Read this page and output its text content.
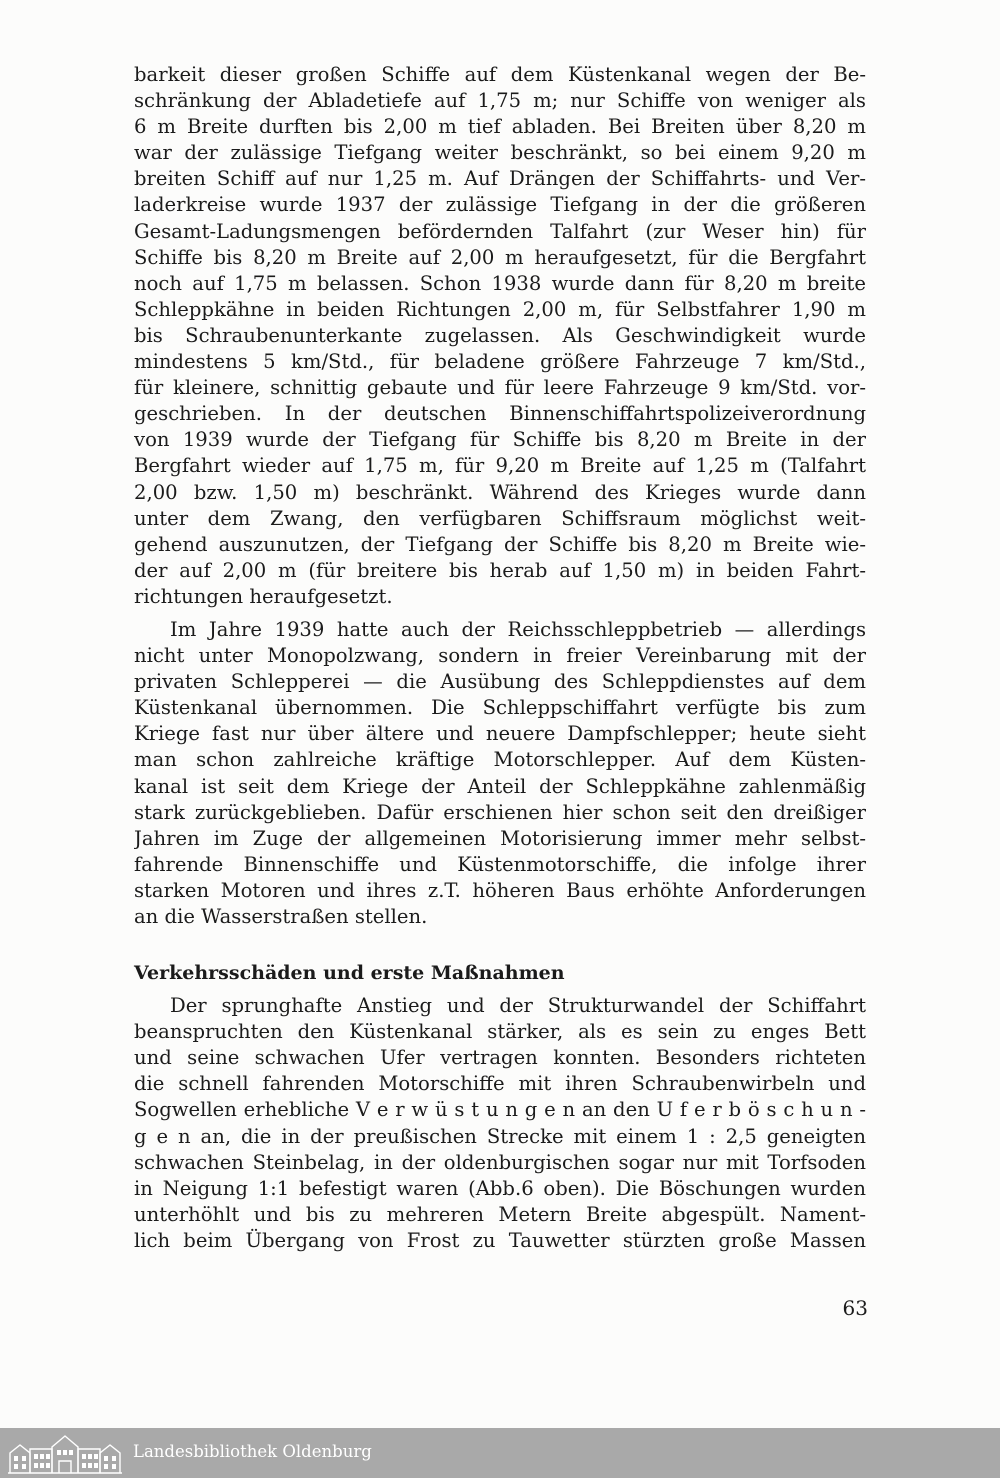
barkeit dieser großen Schiffe auf dem Küstenkanal wegen der Be-
schränkung der Abladetiefe auf 1,75 m; nur Schiffe von weniger als
6 m Breite durften bis 2,00 m tief abladen. Bei Breiten über 8,20 m
war der zulässige Tiefgang weiter beschränkt, so bei einem 9,20 m
breiten Schiff auf nur 1,25 m. Auf Drängen der Schiffahrts- und Ver-
laderkreise wurde 1937 der zulässige Tiefgang in der die größeren
Gesamt-Ladungsmengen befördernden Talfahrt (zur Weser hin) für
Schiffe bis 8,20 m Breite auf 2,00 m heraufgesetzt, für die Bergfahrt
noch auf 1,75 m belassen. Schon 1938 wurde dann für 8,20 m breite
Schleppkähne in beiden Richtungen 2,00 m, für Selbstfahrer 1,90 m
bis Schraubenunterkante zugelassen. Als Geschwindigkeit wurde
mindestens 5 km/Std., für beladene größere Fahrzeuge 7 km/Std.,
für kleinere, schnittig gebaute und für leere Fahrzeuge 9 km/Std. vor-
geschrieben. In der deutschen Binnenschiffahrtspolizeiverordnung
von 1939 wurde der Tiefgang für Schiffe bis 8,20 m Breite in der
Bergfahrt wieder auf 1,75 m, für 9,20 m Breite auf 1,25 m (Talfahrt
2,00 bzw. 1,50 m) beschränkt. Während des Krieges wurde dann
unter dem Zwang, den verfügbaren Schiffsraum möglichst weit-
gehend auszunutzen, der Tiefgang der Schiffe bis 8,20 m Breite wie-
der auf 2,00 m (für breitere bis herab auf 1,50 m) in beiden Fahrt-
richtungen heraufgesetzt.
Im Jahre 1939 hatte auch der Reichsschleppbetrieb — allerdings
nicht unter Monopolzwang, sondern in freier Vereinbarung mit der
privaten Schlepperei — die Ausübung des Schleppdienstes auf dem
Küstenkanal übernommen. Die Schleppschiffahrt verfügte bis zum
Kriege fast nur über ältere und neuere Dampfschlepper; heute sieht
man schon zahlreiche kräftige Motorschlepper. Auf dem Küsten-
kanal ist seit dem Kriege der Anteil der Schleppkähne zahlenmäßig
stark zurückgeblieben. Dafür erschienen hier schon seit den dreißiger
Jahren im Zuge der allgemeinen Motorisierung immer mehr selbst-
fahrende Binnenschiffe und Küstenmotorschiffe, die infolge ihrer
starken Motoren und ihres z.T. höheren Baus erhöhte Anforderungen
an die Wasserstraßen stellen.
Verkehrsschäden und erste Maßnahmen
Der sprunghafte Anstieg und der Strukturwandel der Schiffahrt
beanspruchten den Küstenkanal stärker, als es sein zu enges Bett
und seine schwachen Ufer vertragen konnten. Besonders richteten
die schnell fahrenden Motorschiffe mit ihren Schraubenwirbeln und
Sogwellen erhebliche V e r w ü s t u n g e n an den U f e r b ö s c h u n -
g e n an, die in der preußischen Strecke mit einem 1 : 2,5 geneigten
schwachen Steinbelag, in der oldenburgischen sogar nur mit Torfsoden
in Neigung 1:1 befestigt waren (Abb.6 oben). Die Böschungen wurden
unterhöhlt und bis zu mehreren Metern Breite abgespült. Nament-
lich beim Übergang von Frost zu Tauwetter stürzten große Massen
63
Landesbibliothek Oldenburg
